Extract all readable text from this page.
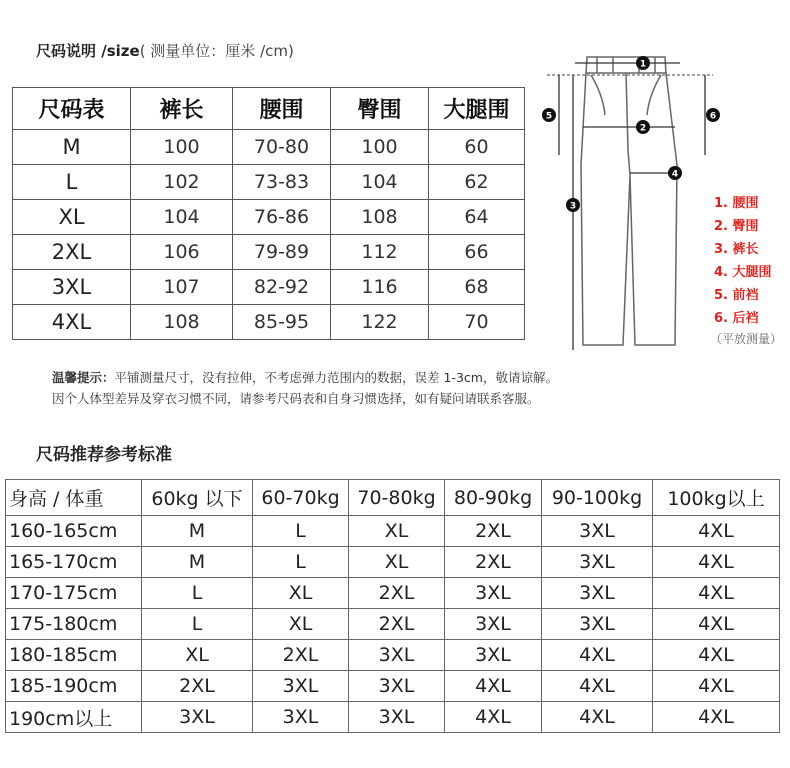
尺码说明 /size( 测量单位：厘米 /cm)
尺码表	裤长	腰围	臀围	大腿围
M	100	70-80	100	60
L	102	73-83	104	62
XL	104	76-86	108	64
2XL	106	79-89	112	66
3XL	107	82-92	116	68
4XL	108	85-95	122	70
1
2
3
4
5	6
1. 腰围
2. 臀围
3. 裤长
4. 大腿围
5. 前裆
6. 后裆
（平放测量）
温馨提示：平铺测量尺寸，没有拉伸，不考虑弹力范围内的数据，误差 1-3cm，敬请谅解。
因个人体型差异及穿衣习惯不同，请参考尺码表和自身习惯选择，如有疑问请联系客服。
尺码推荐参考标准
身高 / 体重	60kg 以下	60-70kg	70-80kg	80-90kg	90-100kg	100kg以上
160-165cm	M	L	XL	2XL	3XL	4XL
165-170cm	M	L	XL	2XL	3XL	4XL
170-175cm	L	XL	2XL	3XL	3XL	4XL
175-180cm	L	XL	2XL	3XL	3XL	4XL
180-185cm	XL	2XL	3XL	3XL	4XL	4XL
185-190cm	2XL	3XL	3XL	4XL	4XL	4XL
190cm以上	3XL	3XL	3XL	4XL	4XL	4XL
